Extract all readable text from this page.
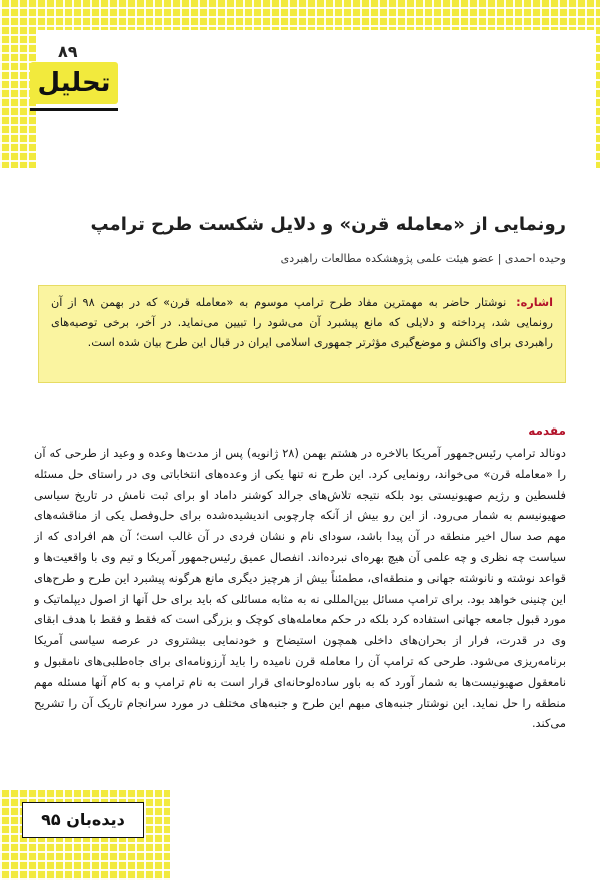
۸۹
تحلیل
رونمایی از «معامله قرن» و دلایل شکست طرح ترامپ
وحیده احمدی | عضو هیئت علمی پژوهشکده مطالعات راهبردی
اشاره: نوشتار حاضر به مهمترین مفاد طرح ترامپ موسوم به «معامله قرن» که در بهمن ۹۸ از آن رونمایی شد، پرداخته و دلایلی که مانع پیشبرد آن می‌شود را تبیین می‌نماید. در آخر، برخی توصیه‌های راهبردی برای واکنش و موضع‌گیری مؤثرتر جمهوری اسلامی ایران در قبال این طرح بیان شده است.
مقدمه
دونالد ترامپ رئیس‌جمهور آمریکا بالاخره در هشتم بهمن (۲۸ ژانویه) پس از مدت‌ها وعده و وعید از طرحی که آن را «معامله قرن» می‌خواند، رونمایی کرد. این طرح نه تنها یکی از وعده‌های انتخاباتی وی در راستای حل مسئله فلسطین و رژیم صهیونیستی بود بلکه نتیجه تلاش‌های جرالد کوشنر داماد او برای ثبت نامش در تاریخ سیاسی صهیونیسم به شمار می‌رود. از این رو بیش از آنکه چارچوبی اندیشیده‌شده برای حل‌وفصل یکی از مناقشه‌های مهم صد سال اخیر منطقه در آن پیدا باشد، سودای نام و نشان فردی در آن غالب است؛ آن هم افرادی که از سیاست چه نظری و چه علمی آن هیچ بهره‌ای نبرده‌اند. انفصال عمیق رئیس‌جمهور آمریکا و تیم وی با واقعیت‌ها و قواعد نوشته و نانوشته جهانی و منطقه‌ای، مطمئناً بیش از هرچیز دیگری مانع هرگونه پیشبرد این طرح و طرح‌های این چنینی خواهد بود. برای ترامپ مسائل بین‌المللی نه به مثابه مسائلی که باید برای حل آنها از اصول دیپلماتیک و مورد قبول جامعه جهانی استفاده کرد بلکه در حکم معامله‌های کوچک و بزرگی است که فقط و فقط با هدف ابقای وی در قدرت، فرار از بحران‌های داخلی همچون استیضاح و خودنمایی بیشتروی در عرصه سیاسی آمریکا برنامه‌ریزی می‌شود. طرحی که ترامپ آن را معامله قرن نامیده را باید آرزونامه‌ای برای جاه‌طلبی‌های نامقبول و نامعقول صهیونیست‌ها به شمار آورد که به باور ساده‌لوحانه‌ای قرار است به نام ترامپ و به کام آنها مسئله مهم منطقه را حل نماید. این نوشتار جنبه‌های مبهم این طرح و جنبه‌های مختلف در مورد سرانجام تاریک آن را تشریح می‌کند.
دیده‌بان ۹۵
